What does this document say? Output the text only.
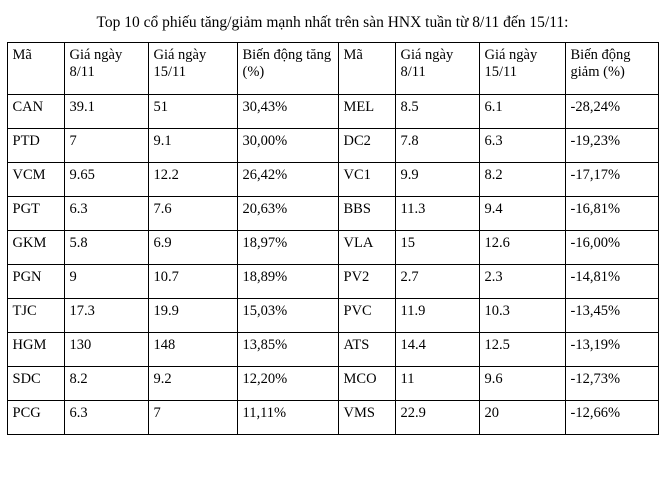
Top 10 cổ phiếu tăng/giảm mạnh nhất trên sàn HNX tuần từ 8/11 đến 15/11:
Mã	Giá ngày 8/11	Giá ngày 15/11	Biến động tăng (%)	Mã	Giá ngày 8/11	Giá ngày 15/11	Biến động giảm (%)
CAN	39.1	51	30,43%	MEL	8.5	6.1	-28,24%
PTD	7	9.1	30,00%	DC2	7.8	6.3	-19,23%
VCM	9.65	12.2	26,42%	VC1	9.9	8.2	-17,17%
PGT	6.3	7.6	20,63%	BBS	11.3	9.4	-16,81%
GKM	5.8	6.9	18,97%	VLA	15	12.6	-16,00%
PGN	9	10.7	18,89%	PV2	2.7	2.3	-14,81%
TJC	17.3	19.9	15,03%	PVC	11.9	10.3	-13,45%
HGM	130	148	13,85%	ATS	14.4	12.5	-13,19%
SDC	8.2	9.2	12,20%	MCO	11	9.6	-12,73%
PCG	6.3	7	11,11%	VMS	22.9	20	-12,66%
